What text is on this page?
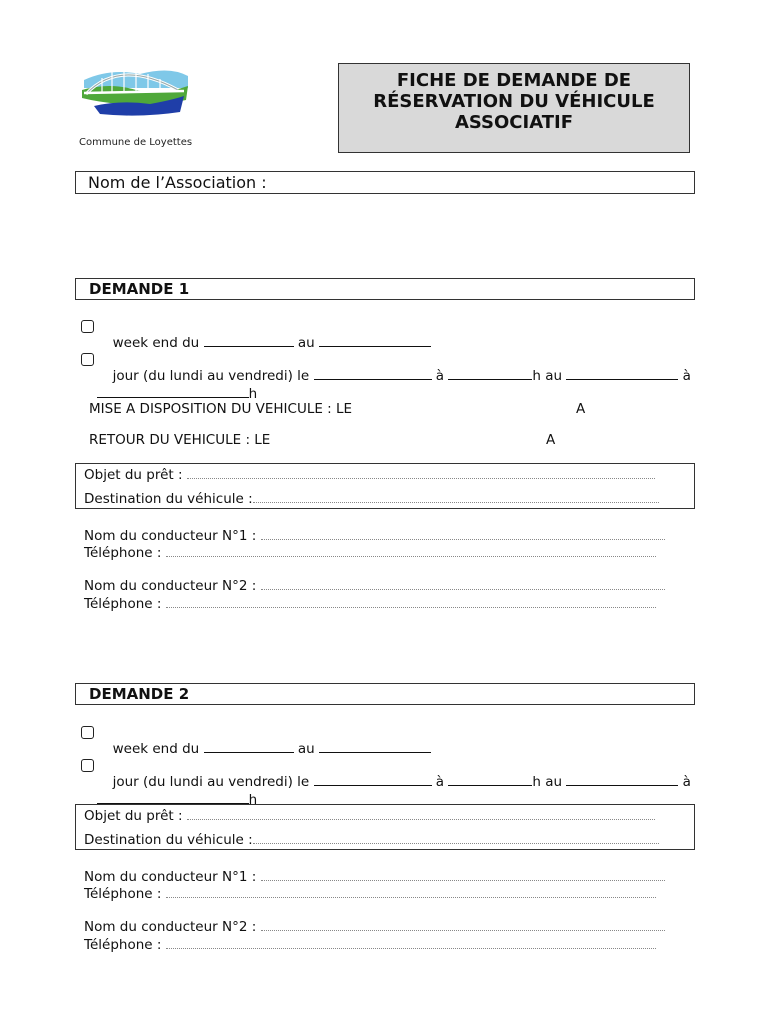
Commune de Loyettes
FICHE DE DEMANDE DE
RÉSERVATION DU VÉHICULE
ASSOCIATIF
Nom de l’Association :
DEMANDE 1

week end du	au

jour (du lundi au vendredi) le	à	h au	à

h

MISE A DISPOSITION DU VEHICULE : LE	A
RETOUR DU VEHICULE : LE	A
Objet du prêt :
Destination du véhicule :
Nom du conducteur N°1 :
Téléphone :
Nom du conducteur N°2 :
Téléphone :
DEMANDE 2

week end du	au

jour (du lundi au vendredi) le	à	h au	à

h

Objet du prêt :
Destination du véhicule :
Nom du conducteur N°1 :
Téléphone :
Nom du conducteur N°2 :
Téléphone :
